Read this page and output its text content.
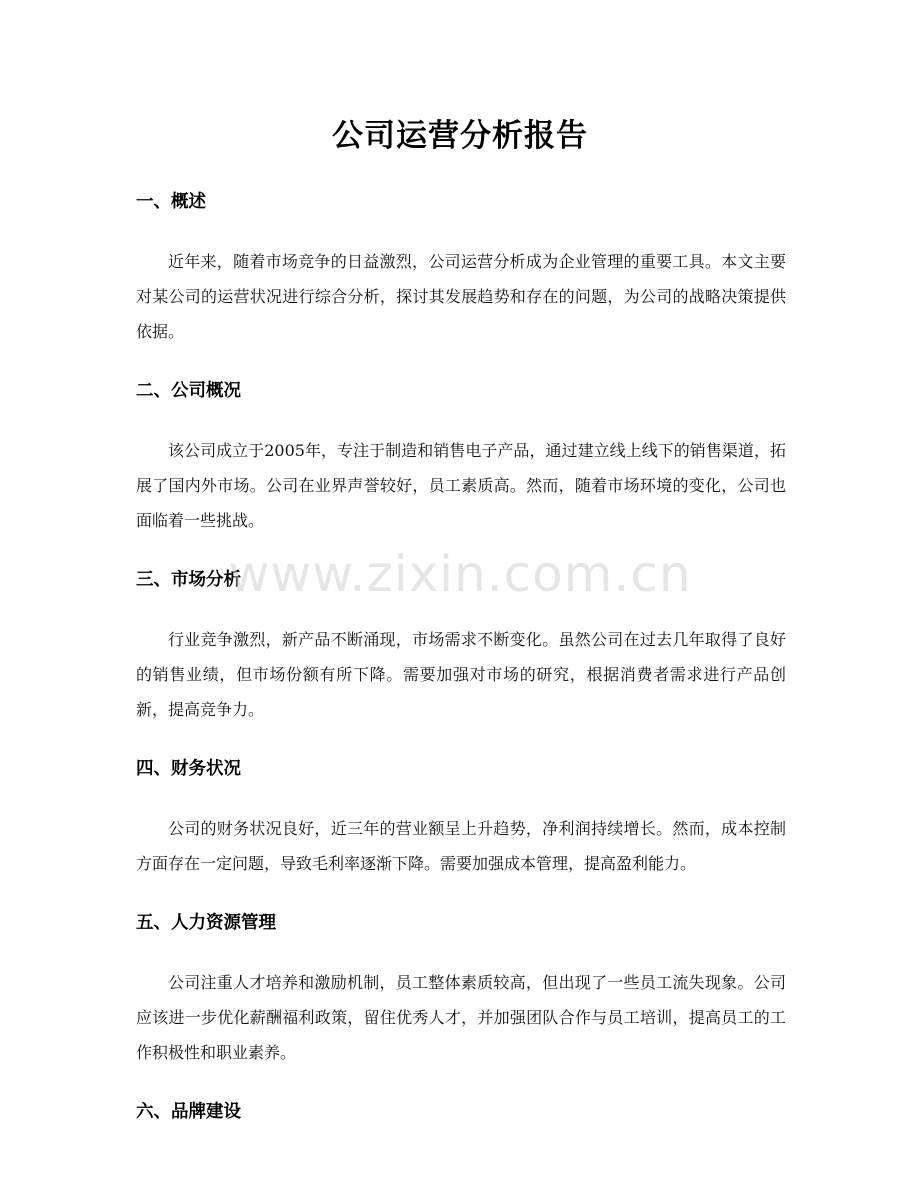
公司运营分析报告
一、概述

近年来，随着市场竞争的日益激烈，公司运营分析成为企业管理的重要工具。本文主要对某公司的运营状况进行综合分析，探讨其发展趋势和存在的问题，为公司的战略决策提供依据。

二、公司概况

该公司成立于2005年，专注于制造和销售电子产品，通过建立线上线下的销售渠道，拓展了国内外市场。公司在业界声誉较好，员工素质高。然而，随着市场环境的变化，公司也面临着一些挑战。

三、市场分析

行业竞争激烈，新产品不断涌现，市场需求不断变化。虽然公司在过去几年取得了良好的销售业绩，但市场份额有所下降。需要加强对市场的研究，根据消费者需求进行产品创新，提高竞争力。

四、财务状况

公司的财务状况良好，近三年的营业额呈上升趋势，净利润持续增长。然而，成本控制方面存在一定问题，导致毛利率逐渐下降。需要加强成本管理，提高盈利能力。

五、人力资源管理

公司注重人才培养和激励机制，员工整体素质较高，但出现了一些员工流失现象。公司应该进一步优化薪酬福利政策，留住优秀人才，并加强团队合作与员工培训，提高员工的工作积极性和职业素养。

六、品牌建设
www.zixin.com.cn
